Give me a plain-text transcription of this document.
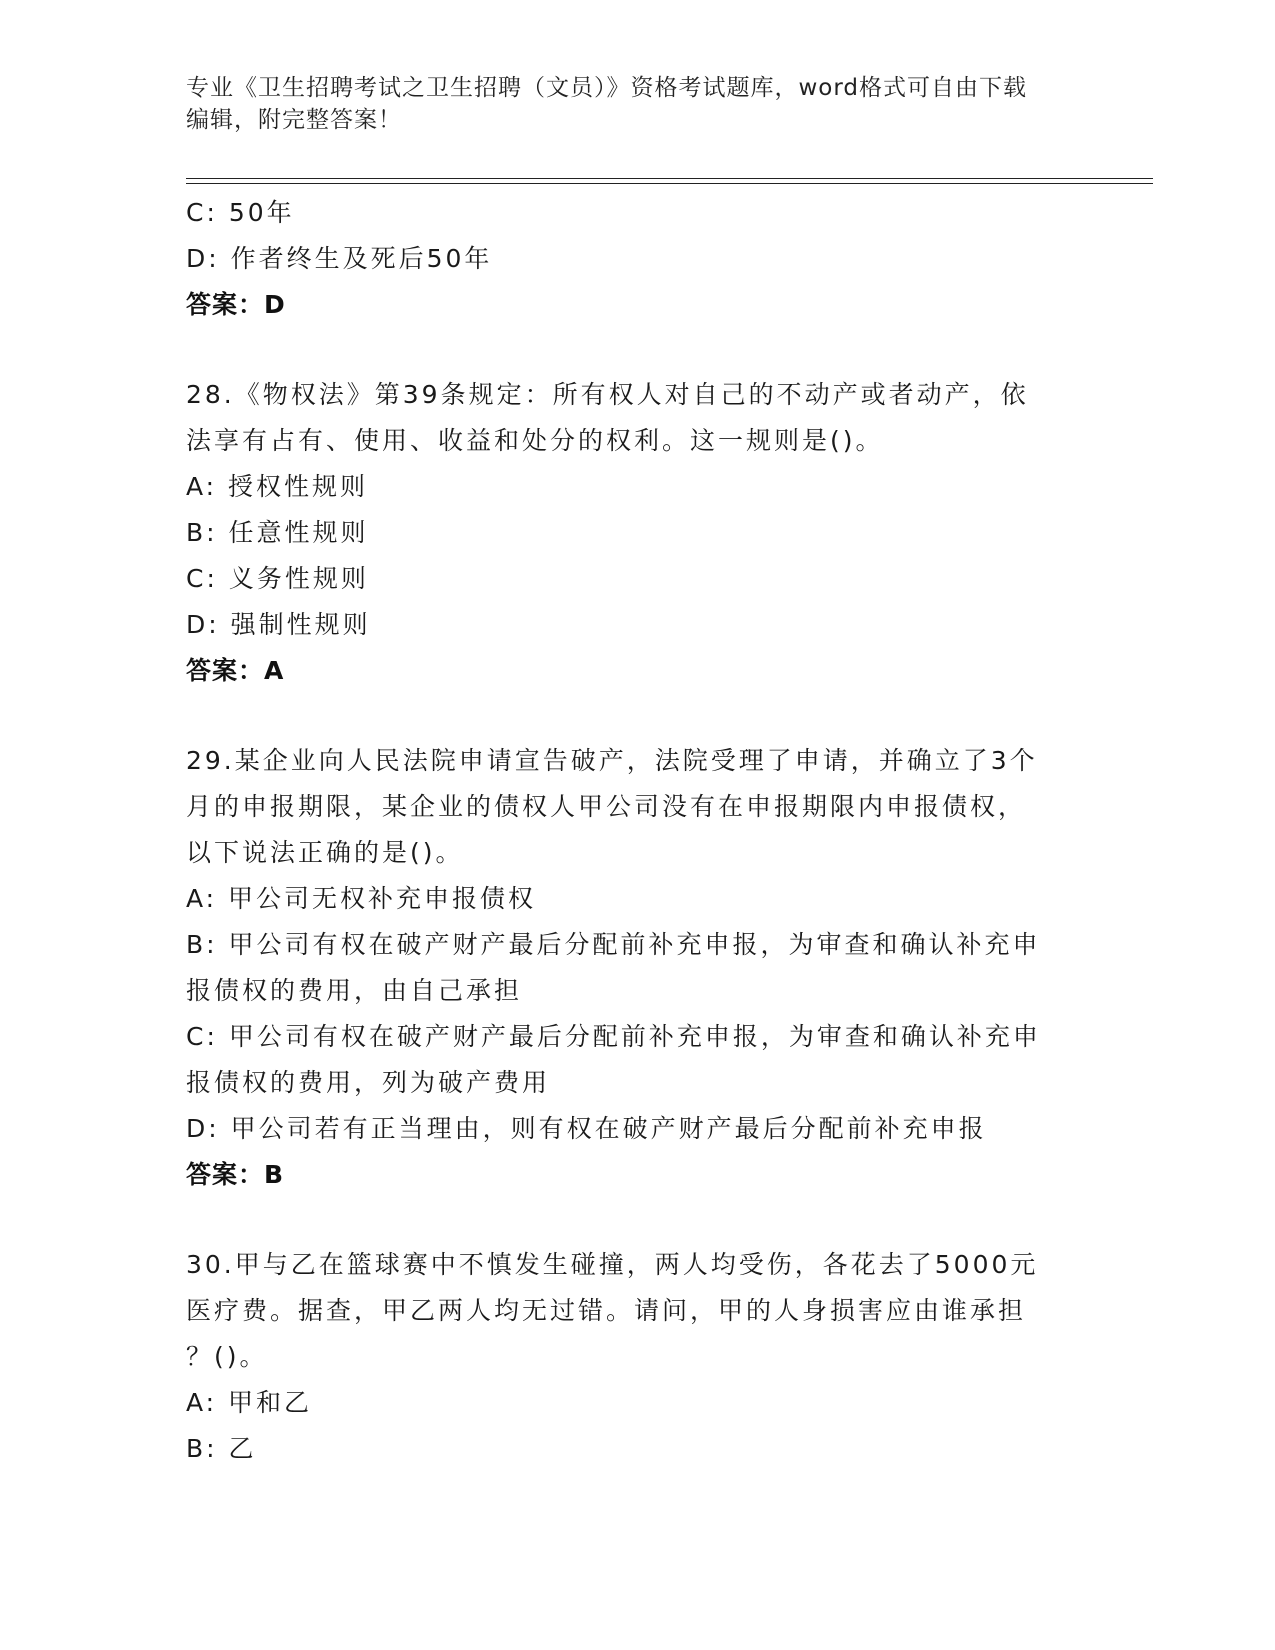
专业《卫生招聘考试之卫生招聘（文员）》资格考试题库，word格式可自由下载
编辑，附完整答案！
C: 50年
D: 作者终生及死后50年
答案：D
28.《物权法》第39条规定：所有权人对自己的不动产或者动产，依
法享有占有、使用、收益和处分的权利。这一规则是()。
A: 授权性规则
B: 任意性规则
C: 义务性规则
D: 强制性规则
答案：A
29.某企业向人民法院申请宣告破产，法院受理了申请，并确立了3个
月的申报期限，某企业的债权人甲公司没有在申报期限内申报债权，
以下说法正确的是()。
A: 甲公司无权补充申报债权
B: 甲公司有权在破产财产最后分配前补充申报，为审查和确认补充申
报债权的费用，由自己承担
C: 甲公司有权在破产财产最后分配前补充申报，为审查和确认补充申
报债权的费用，列为破产费用
D: 甲公司若有正当理由，则有权在破产财产最后分配前补充申报
答案：B
30.甲与乙在篮球赛中不慎发生碰撞，两人均受伤，各花去了5000元
医疗费。据查，甲乙两人均无过错。请问，甲的人身损害应由谁承担
？()。
A: 甲和乙
B: 乙
